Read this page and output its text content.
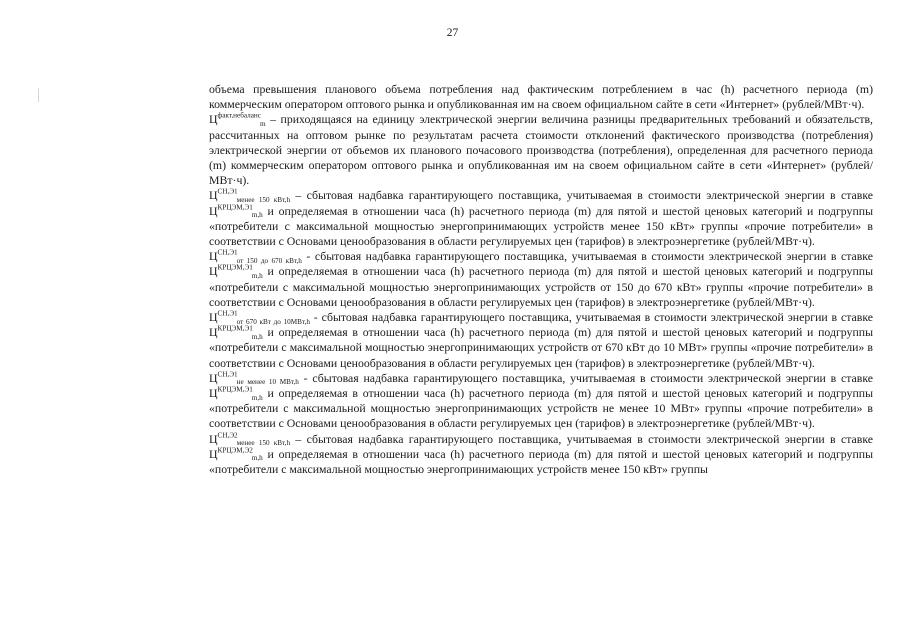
27

объема превышения планового объема потребления над фактическим потреблением в час (h) расчетного периода (m) коммерческим оператором оптового рынка и опубликованная им на своем официальном сайте в сети «Интернет» (рублей/МВт·ч).

$Ц^{факт,небаланс}_m$ – приходящаяся на единицу электрической энергии величина разницы предварительных требований и обязательств, рассчитанных на оптовом рынке по результатам расчета стоимости отклонений фактического производства (потребления) электрической энергии от объемов их планового почасового производства (потребления), определенная для расчетного периода (m) коммерческим оператором оптового рынка и опубликованная им на своем официальном сайте в сети «Интернет» (рублей/МВт·ч).

$Ц^{СН,Э1}_{менее 150 кВт,h}$ – сбытовая надбавка гарантирующего поставщика, учитываемая в стоимости электрической энергии в ставке $Ц^{КРЦЭМ,Э1}_{m,h}$ и определяемая в отношении часа (h) расчетного периода (m) для пятой и шестой ценовых категорий и подгруппы «потребители с максимальной мощностью энергопринимающих устройств менее 150 кВт» группы «прочие потребители» в соответствии с Основами ценообразования в области регулируемых цен (тарифов) в электроэнергетике (рублей/МВт·ч).

$Ц^{СН,Э1}_{от 150 до 670 кВт,h}$ - сбытовая надбавка гарантирующего поставщика, учитываемая в стоимости электрической энергии в ставке $Ц^{КРЦЭМ,Э1}_{m,h}$ и определяемая в отношении часа (h) расчетного периода (m) для пятой и шестой ценовых категорий и подгруппы «потребители с максимальной мощностью энергопринимающих устройств от 150 до 670 кВт» группы «прочие потребители» в соответствии с Основами ценообразования в области регулируемых цен (тарифов) в электроэнергетике (рублей/МВт·ч).

$Ц^{СН,Э1}_{от 670 кВт до 10МВт,h}$ - сбытовая надбавка гарантирующего поставщика, учитываемая в стоимости электрической энергии в ставке $Ц^{КРЦЭМ,Э1}_{m,h}$ и определяемая в отношении часа (h) расчетного периода (m) для пятой и шестой ценовых категорий и подгруппы «потребители с максимальной мощностью энергопринимающих устройств от 670 кВт до 10 МВт» группы «прочие потребители» в соответствии с Основами ценообразования в области регулируемых цен (тарифов) в электроэнергетике (рублей/МВт·ч).

$Ц^{СН,Э1}_{не менее 10 МВт,h}$ - сбытовая надбавка гарантирующего поставщика, учитываемая в стоимости электрической энергии в ставке $Ц^{КРЦЭМ,Э1}_{m,h}$ и определяемая в отношении часа (h) расчетного периода (m) для пятой и шестой ценовых категорий и подгруппы «потребители с максимальной мощностью энергопринимающих устройств не менее 10 МВт» группы «прочие потребители» в соответствии с Основами ценообразования в области регулируемых цен (тарифов) в электроэнергетике (рублей/МВт·ч).

$Ц^{СН,Э2}_{менее 150 кВт,h}$ – сбытовая надбавка гарантирующего поставщика, учитываемая в стоимости электрической энергии в ставке $Ц^{КРЦЭМ,Э2}_{m,h}$ и определяемая в отношении часа (h) расчетного периода (m) для пятой и шестой ценовых категорий и подгруппы «потребители с максимальной мощностью энергопринимающих устройств менее 150 кВт» группы
